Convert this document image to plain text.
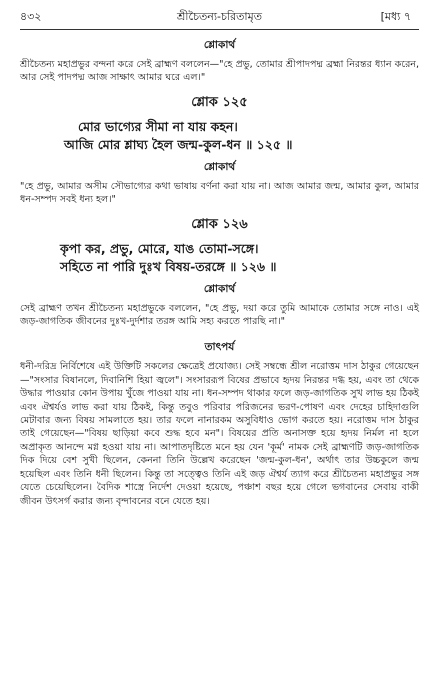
৪৩২	শ্রীচৈতন্য-চরিতামৃত	[মধ্য ৭
শ্লোকার্থ

শ্রীচৈতন্য মহাপ্রভুর বন্দনা করে সেই ব্রাহ্মণ বললেন—"হে প্রভু, তোমার শ্রীপাদপদ্ম ব্রহ্মা নিরন্তর ধ্যান করেন, আর সেই পাদপদ্ম আজ সাক্ষাৎ আমার ঘরে এল।"

শ্লোক ১২৫
মোর ভাগ্যের সীমা না যায় কহন।
আজি মোর শ্লাঘ্য হৈল জন্ম-কুল-ধন ॥ ১২৫ ॥
শ্লোকার্থ

"হে প্রভু, আমার অসীম সৌভাগ্যের কথা ভাষায় বর্ণনা করা যায় না। আজ আমার জন্ম, আমার কুল, আমার ধন-সম্পদ সবই ধন্য হল।"

শ্লোক ১২৬
কৃপা কর, প্রভু, মোরে, যাঙ তোমা-সঙ্গে।
সহিতে না পারি দুঃখ বিষয়-তরঙ্গে ॥ ১২৬ ॥
শ্লোকার্থ

সেই ব্রাহ্মণ তখন শ্রীচৈতন্য মহাপ্রভুকে বললেন, "হে প্রভু, দয়া করে তুমি আমাকে তোমার সঙ্গে নাও। এই জড়-জাগতিক জীবনের দুঃখ-দুর্দশার তরঙ্গ আমি সহ্য করতে পারছি না।"

তাৎপর্য

ধনী-দরিদ্র নির্বিশেষে এই উক্তিটি সকলের ক্ষেত্রেই প্রযোজ্য। সেই সম্বন্ধে শ্রীল নরোত্তম দাস ঠাকুর গেয়েছেন—"সংসার বিষানলে, দিবানিশি হিয়া জ্বলে"। সংসাররূপ বিষের প্রভাবে হৃদয় নিরন্তর দগ্ধ হয়, এবং তা থেকে উদ্ধার পাওয়ার কোন উপায় খুঁজে পাওয়া যায় না। ধন-সম্পদ থাকার ফলে জড়-জাগতিক সুখ লাভ হয় ঠিকই এবং ঐশ্বর্যও লাভ করা যায় ঠিকই, কিন্তু তবুও পরিবার পরিজনের ভরণ-পোষণ এবং দেহের চাহিদাগুলি মেটাবার জন্য বিষয় সামলাতে হয়। তার ফলে নানারকম অসুবিধাও ভোগ করতে হয়। নরোত্তম দাস ঠাকুর তাই গেয়েছেন—"বিষয় ছাড়িয়া কবে শুদ্ধ হবে মন"। বিষয়ের প্রতি অনাসক্ত হয়ে হৃদয় নির্মল না হলে অপ্রাকৃত আনন্দে মগ্ন হওয়া যায় না। আপাতদৃষ্টিতে মনে হয় যেন 'কূর্ম' নামক সেই ব্রাহ্মণটি জড়-জাগতিক দিক দিয়ে বেশ সুখী ছিলেন, কেননা তিনি উল্লেখ করেছেন 'জন্ম-কুল-ধন', অর্থাৎ তার উচ্চকুলে জন্ম হয়েছিল এবং তিনি ধনী ছিলেন। কিন্তু তা সত্ত্বেও তিনি এই জড় ঐশ্বর্য ত্যাগ করে শ্রীচৈতন্য মহাপ্রভুর সঙ্গ যেতে চেয়েছিলেন। বৈদিক শাস্ত্রে নির্দেশ দেওয়া হয়েছে, পঞ্চাশ বছর হয়ে গেলে ভগবানের সেবায় বাকী জীবন উৎসর্গ করার জন্য বৃন্দাবনের বনে যেতে হয়।
